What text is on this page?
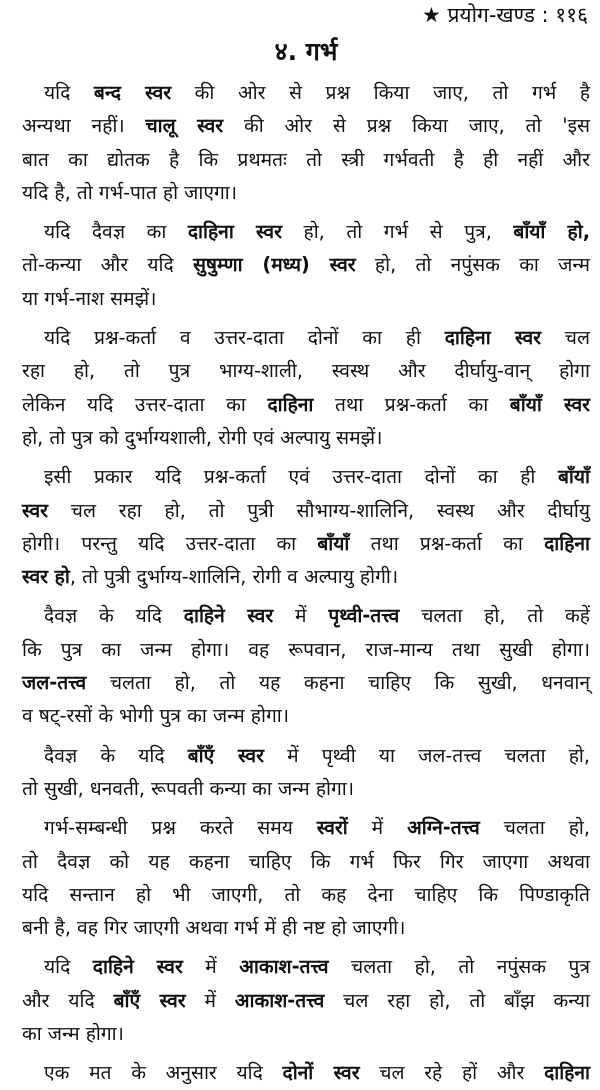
★ प्रयोग-खण्ड : ११६
४. गर्भ
यदि बन्द स्वर की ओर से प्रश्न किया जाए, तो गर्भ है
अन्यथा नहीं। चालू स्वर की ओर से प्रश्न किया जाए, तो 'इस
बात का द्योतक है कि प्रथमतः तो स्त्री गर्भवती है ही नहीं और
यदि है, तो गर्भ-पात हो जाएगा।
यदि दैवज्ञ का दाहिना स्वर हो, तो गर्भ से पुत्र, बाँयाँ हो,
तो-कन्या और यदि सुषुम्णा (मध्य) स्वर हो, तो नपुंसक का जन्म
या गर्भ-नाश समझें।
यदि प्रश्न-कर्ता व उत्तर-दाता दोनों का ही दाहिना स्वर चल
रहा हो, तो पुत्र भाग्य-शाली, स्वस्थ और दीर्घायु-वान् होगा
लेकिन यदि उत्तर-दाता का दाहिना तथा प्रश्न-कर्ता का बाँयाँ स्वर
हो, तो पुत्र को दुर्भाग्यशाली, रोगी एवं अल्पायु समझें।
इसी प्रकार यदि प्रश्न-कर्ता एवं उत्तर-दाता दोनों का ही बाँयाँ
स्वर चल रहा हो, तो पुत्री सौभाग्य-शालिनि, स्वस्थ और दीर्घायु
होगी। परन्तु यदि उत्तर-दाता का बाँयाँ तथा प्रश्न-कर्ता का दाहिना
स्वर हो, तो पुत्री दुर्भाग्य-शालिनि, रोगी व अल्पायु होगी।
दैवज्ञ के यदि दाहिने स्वर में पृथ्वी-तत्त्व चलता हो, तो कहें
कि पुत्र का जन्म होगा। वह रूपवान, राज-मान्य तथा सुखी होगा।
जल-तत्त्व चलता हो, तो यह कहना चाहिए कि सुखी, धनवान्
व षट्-रसों के भोगी पुत्र का जन्म होगा।
दैवज्ञ के यदि बाँएँ स्वर में पृथ्वी या जल-तत्त्व चलता हो,
तो सुखी, धनवती, रूपवती कन्या का जन्म होगा।
गर्भ-सम्बन्धी प्रश्न करते समय स्वरों में अग्नि-तत्त्व चलता हो,
तो दैवज्ञ को यह कहना चाहिए कि गर्भ फिर गिर जाएगा अथवा
यदि सन्तान हो भी जाएगी, तो कह देना चाहिए कि पिण्डाकृति
बनी है, वह गिर जाएगी अथवा गर्भ में ही नष्ट हो जाएगी।
यदि दाहिने स्वर में आकाश-तत्त्व चलता हो, तो नपुंसक पुत्र
और यदि बाँएँ स्वर में आकाश-तत्त्व चल रहा हो, तो बाँझ कन्या
का जन्म होगा।
एक मत के अनुसार यदि दोनों स्वर चल रहे हों और दाहिना
